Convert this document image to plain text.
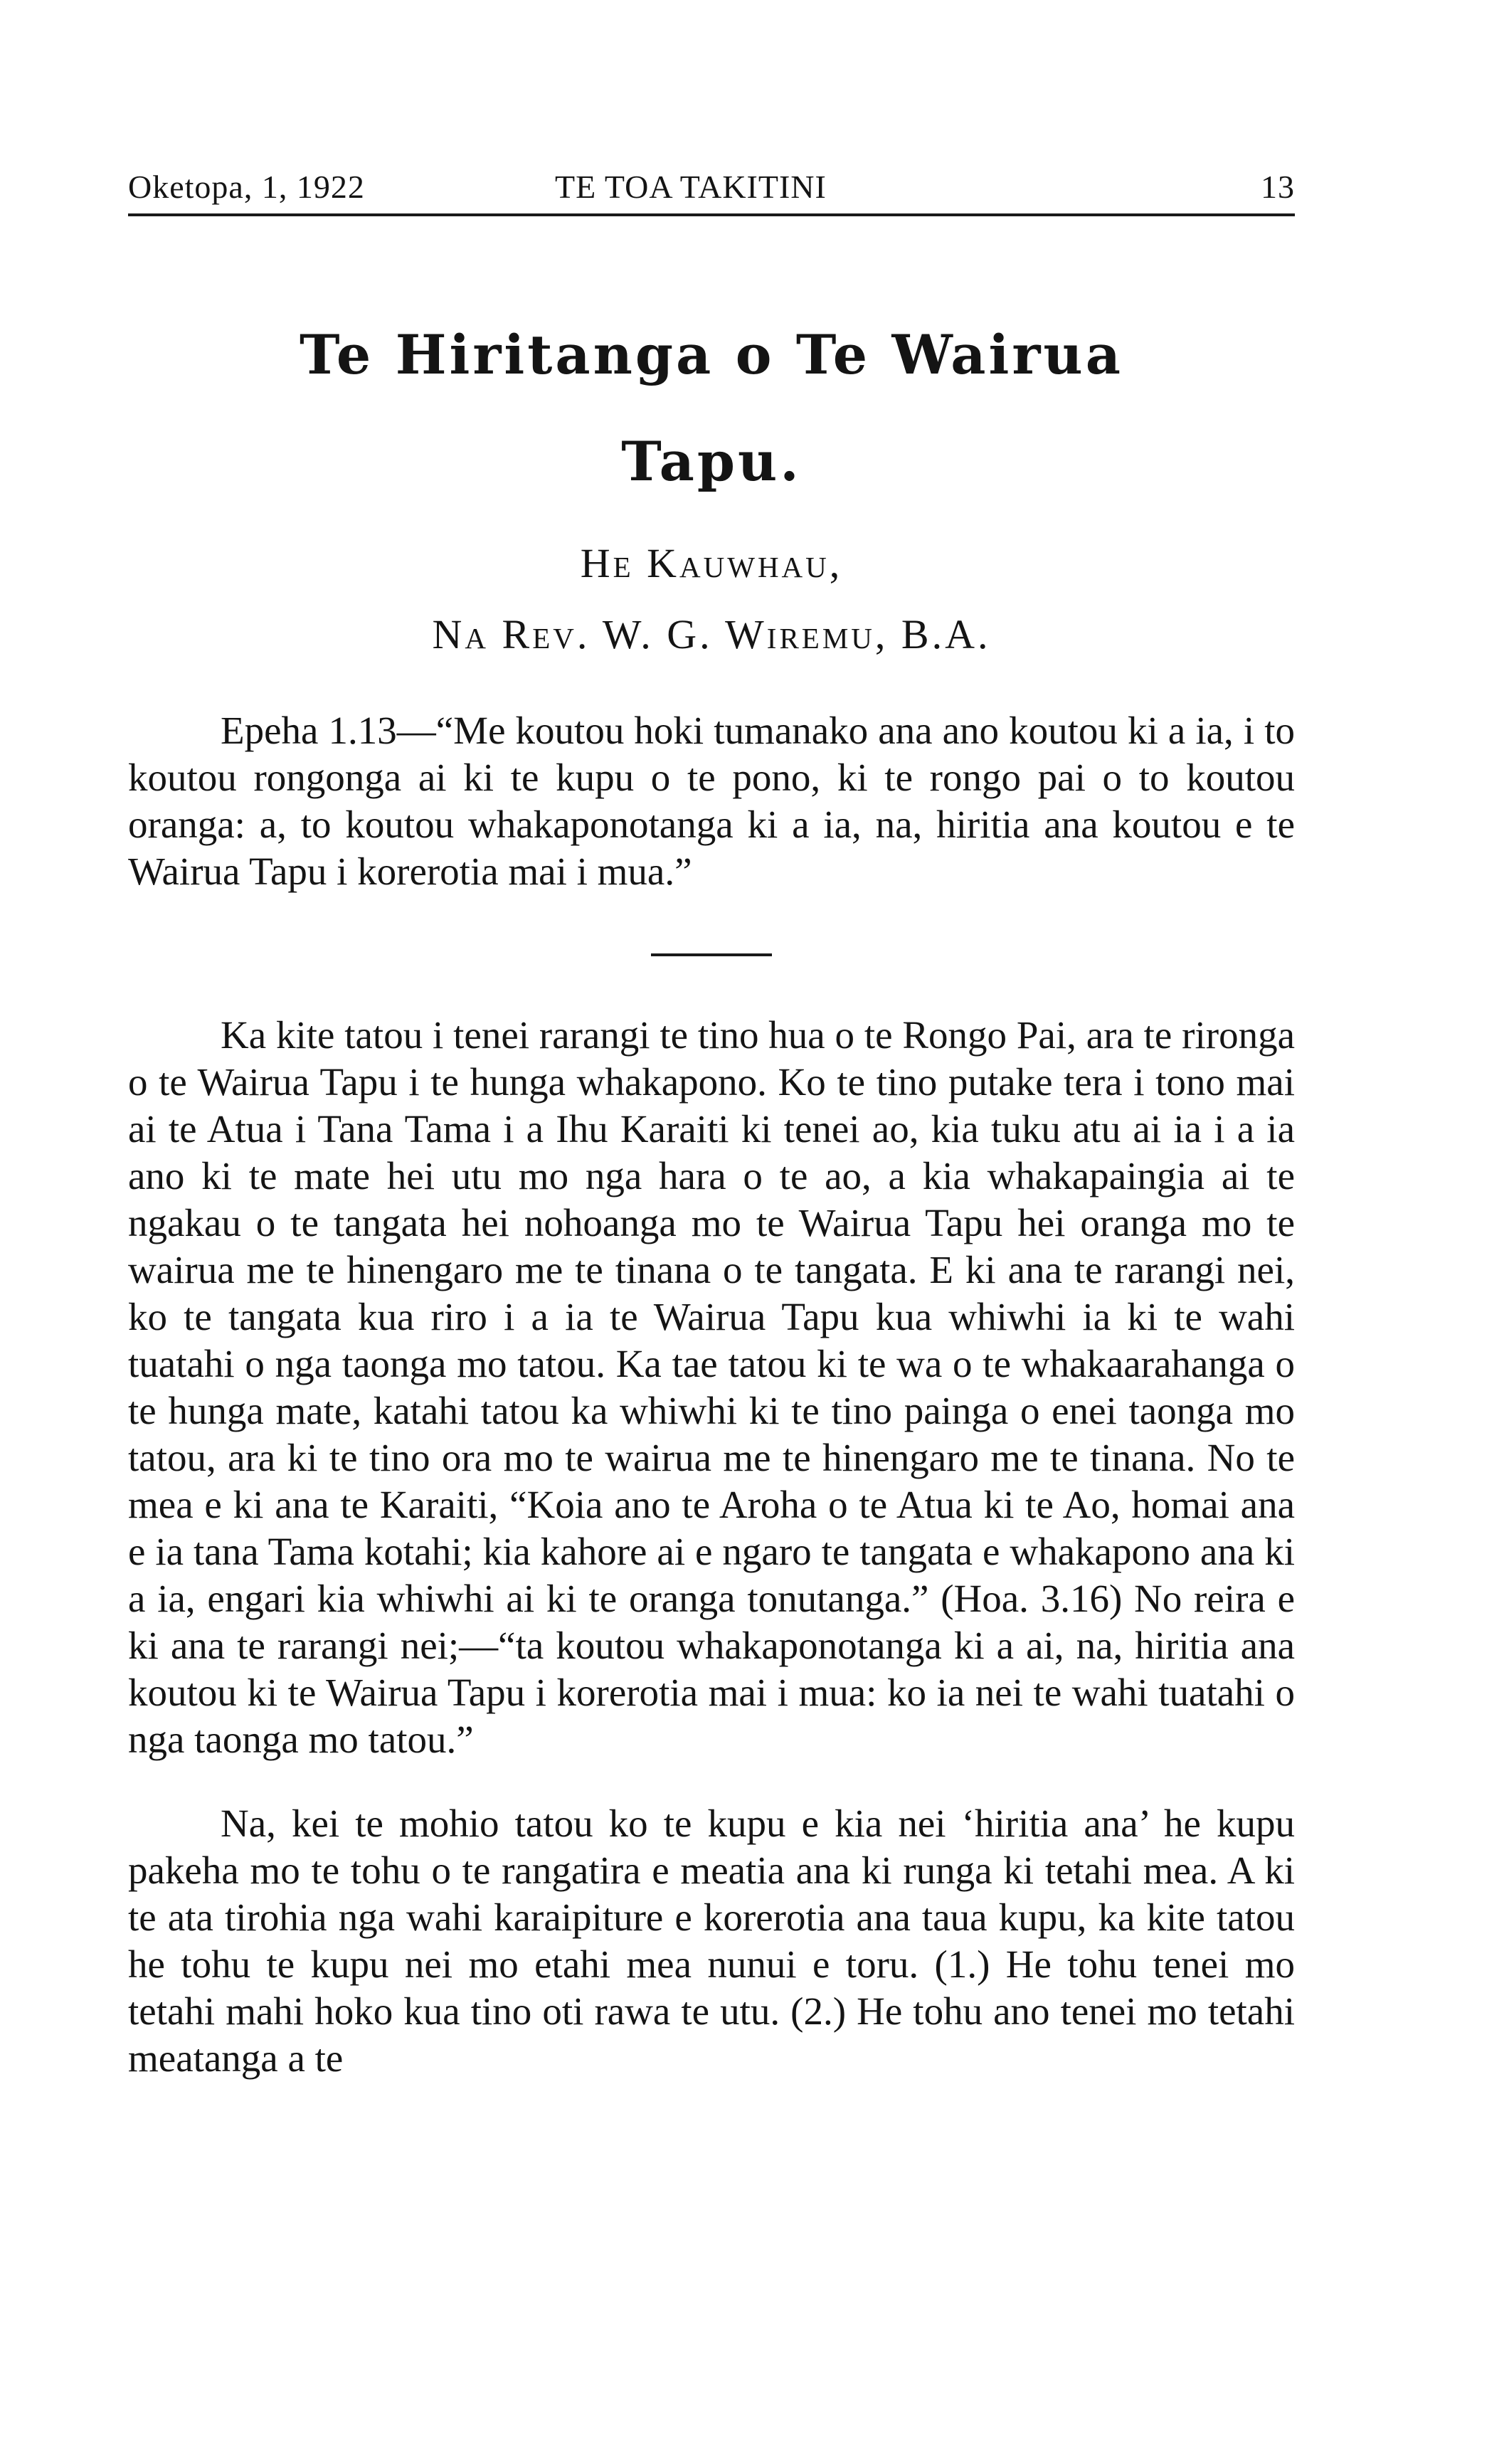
Oketopa, 1, 1922	TE TOA TAKITINI	13
Te Hiritanga o Te Wairua Tapu.
He Kauwhau,
Na Rev. W. G. Wiremu, B.A.

Epeha 1.13—“Me koutou hoki tumanako ana ano koutou ki a ia, i to koutou rongonga ai ki te kupu o te pono, ki te rongo pai o to koutou oranga: a, to koutou whakaponotanga ki a ia, na, hiritia ana koutou e te Wairua Tapu i korerotia mai i mua.”

Ka kite tatou i tenei rarangi te tino hua o te Rongo Pai, ara te rironga o te Wairua Tapu i te hunga whakapono. Ko te tino putake tera i tono mai ai te Atua i Tana Tama i a Ihu Karaiti ki tenei ao, kia tuku atu ai ia i a ia ano ki te mate hei utu mo nga hara o te ao, a kia whakapaingia ai te ngakau o te tangata hei nohoanga mo te Wairua Tapu hei oranga mo te wairua me te hinengaro me te tinana o te tangata. E ki ana te rarangi nei, ko te tangata kua riro i a ia te Wairua Tapu kua whiwhi ia ki te wahi tuatahi o nga taonga mo tatou. Ka tae tatou ki te wa o te whakaarahanga o te hunga mate, katahi tatou ka whiwhi ki te tino painga o enei taonga mo tatou, ara ki te tino ora mo te wairua me te hinengaro me te tinana. No te mea e ki ana te Karaiti, “Koia ano te Aroha o te Atua ki te Ao, homai ana e ia tana Tama kotahi; kia kahore ai e ngaro te tangata e whakapono ana ki a ia, engari kia whiwhi ai ki te oranga tonutanga.” (Hoa. 3.16) No reira e ki ana te rarangi nei;—“ta koutou whakaponotanga ki a ai, na, hiritia ana koutou ki te Wairua Tapu i korerotia mai i mua: ko ia nei te wahi tuatahi o nga taonga mo tatou.”

Na, kei te mohio tatou ko te kupu e kia nei ‘hiritia ana’ he kupu pakeha mo te tohu o te rangatira e meatia ana ki runga ki tetahi mea. A ki te ata tirohia nga wahi karaipiture e korerotia ana taua kupu, ka kite tatou he tohu te kupu nei mo etahi mea nunui e toru. (1.) He tohu tenei mo tetahi mahi hoko kua tino oti rawa te utu. (2.) He tohu ano tenei mo tetahi meatanga a te
